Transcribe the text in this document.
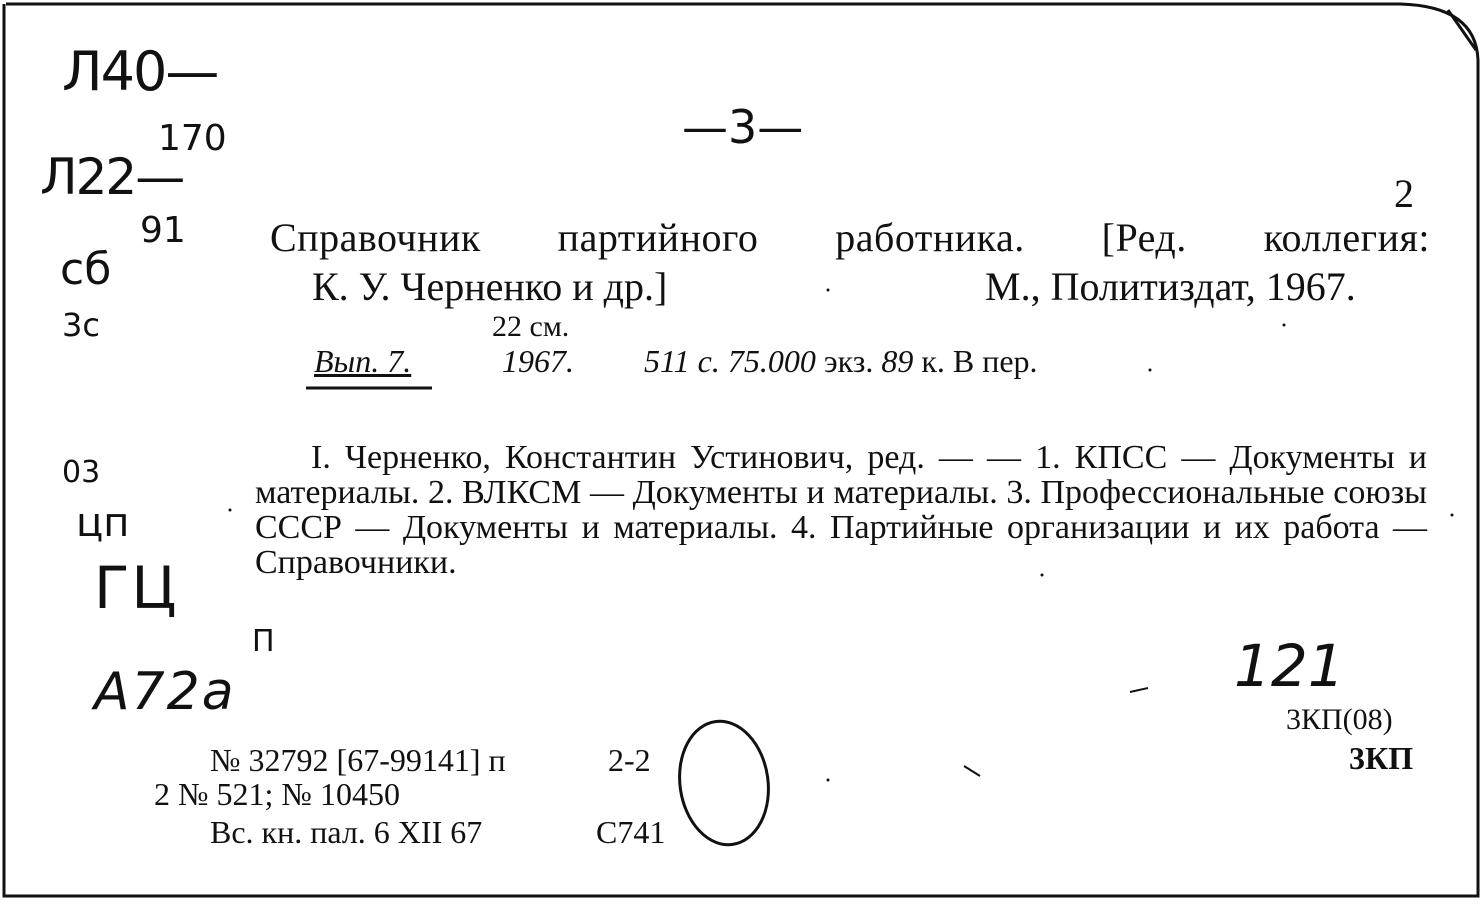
2

Справочник партийного работника. [Ред. коллегия:

К. У. Черненко и др.]	М., Политиздат, 1967.

22 см.

Вып. 7.	1967. 511 с. 75.000 экз. 89 к. В пер.

I. Черненко, Константин Устинович, ред. — — 1. КПСС — Документы и материалы. 2. ВЛКСМ — Документы и материалы. 3. Профессиональные союзы СССР — Документы и материалы. 4. Партийные организации и их работа — Справочники.

3КП(08)

3КП

№ 32792 [67-99141] п	2-2

2 № 521; № 10450

Вс. кн. пал. 6 XII 67	С741

Л40—
170
Л22—
91
сб
3с
03
цп
ГЦ
А72а	121
—3—
П
